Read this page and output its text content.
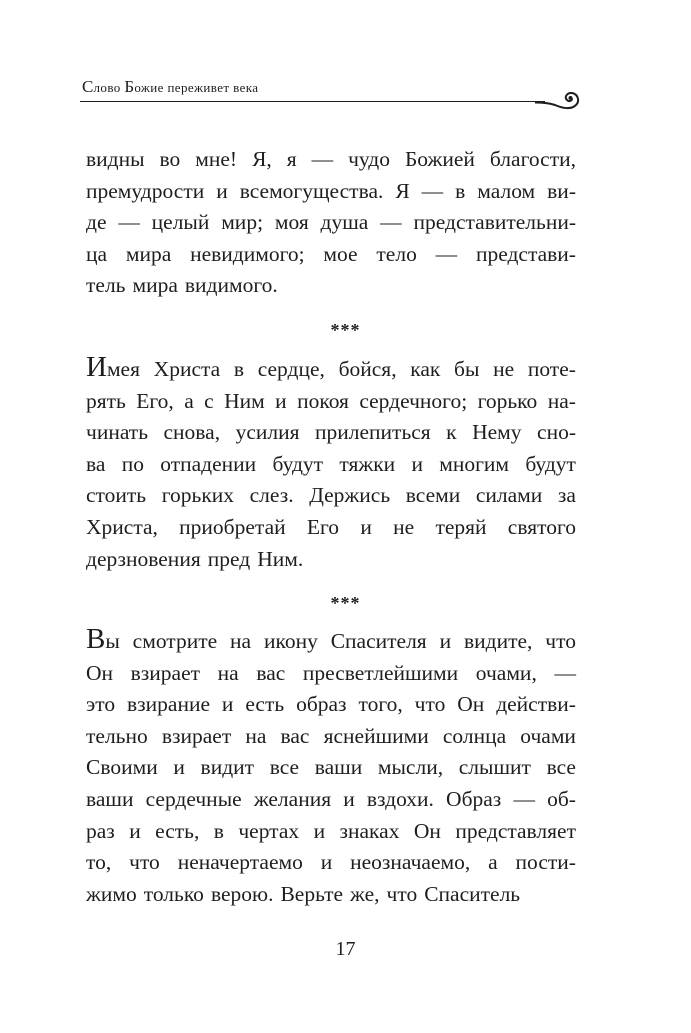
Слово Божие переживет века
видны во мне! Я, я — чудо Божией благости,
премудрости и всемогущества. Я — в малом ви-
де — целый мир; моя душа — представительни-
ца мира невидимого; мое тело — представи-
тель мира видимого.
***
Имея Христа в сердце, бойся, как бы не поте-
рять Его, а с Ним и покоя сердечного; горько на-
чинать снова, усилия прилепиться к Нему сно-
ва по отпадении будут тяжки и многим будут
стоить горьких слез. Держись всеми силами за
Христа, приобретай Его и не теряй святого
дерзновения пред Ним.
***
Вы смотрите на икону Спасителя и видите, что
Он взирает на вас пресветлейшими очами, —
это взирание и есть образ того, что Он действи-
тельно взирает на вас яснейшими солнца очами
Своими и видит все ваши мысли, слышит все
ваши сердечные желания и вздохи. Образ — об-
раз и есть, в чертах и знаках Он представляет
то, что неначертаемо и неозначаемо, а пости-
жимо только верою. Верьте же, что Спаситель
17
